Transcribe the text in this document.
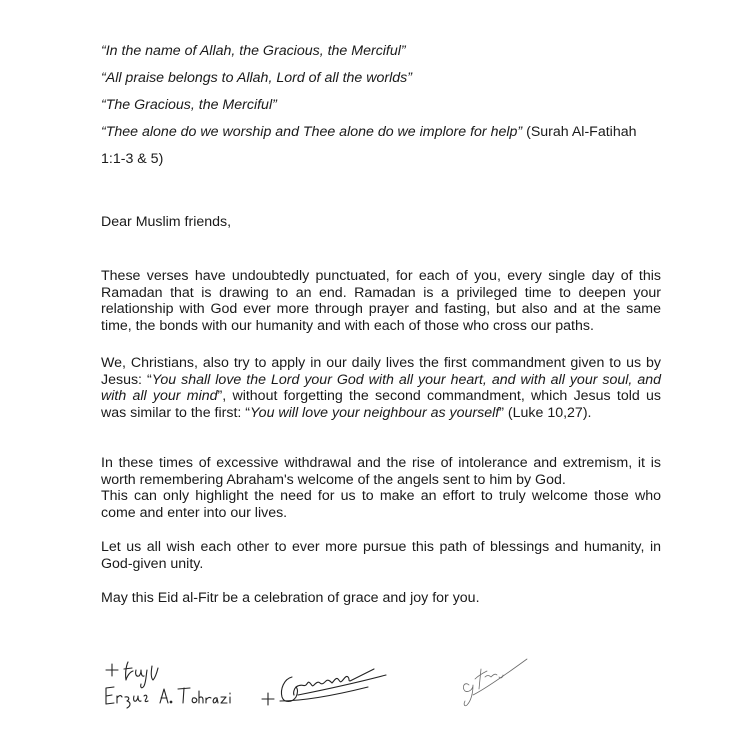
“In the name of Allah, the Gracious, the Merciful”
“All praise belongs to Allah, Lord of all the worlds”
“The Gracious, the Merciful”
“Thee alone do we worship and Thee alone do we implore for help” (Surah Al-Fatihah
1:1-3 & 5)

Dear Muslim friends,

These verses have undoubtedly punctuated, for each of you, every single day of this Ramadan that is drawing to an end. Ramadan is a privileged time to deepen your relationship with God ever more through prayer and fasting, but also and at the same time, the bonds with our humanity and with each of those who cross our paths.

We, Christians, also try to apply in our daily lives the first commandment given to us by Jesus: “You shall love the Lord your God with all your heart, and with all your soul, and with all your mind”, without forgetting the second commandment, which Jesus told us was similar to the first: “You will love your neighbour as yourself” (Luke 10,27).

In these times of excessive withdrawal and the rise of intolerance and extremism, it is worth remembering Abraham's welcome of the angels sent to him by God.

This can only highlight the need for us to make an effort to truly welcome those who come and enter into our lives.

Let us all wish each other to ever more pursue this path of blessings and humanity, in God-given unity.

May this Eid al-Fitr be a celebration of grace and joy for you.
